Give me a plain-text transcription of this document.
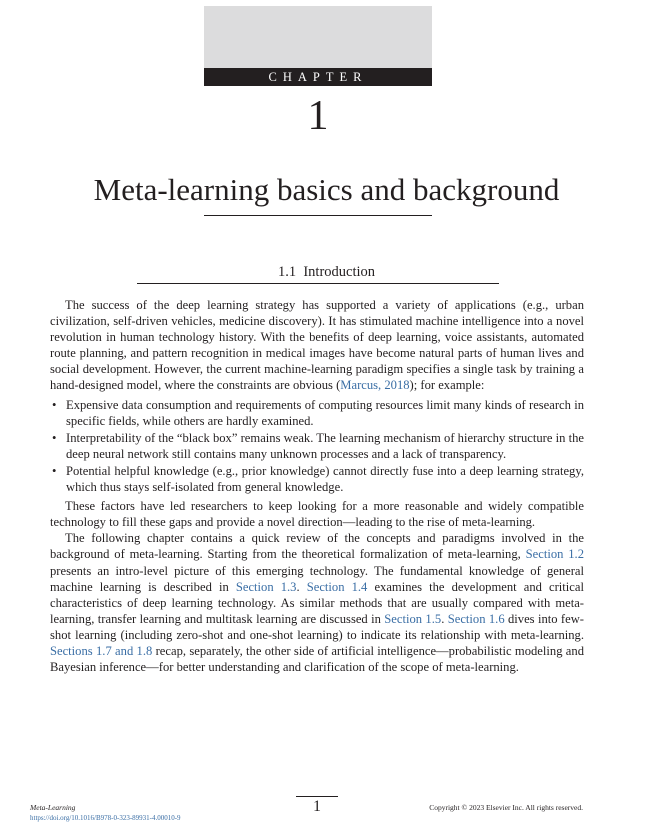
CHAPTER
1
Meta-learning basics and background
1.1 Introduction

The success of the deep learning strategy has supported a variety of applications (e.g., urban civilization, self-driven vehicles, medicine discovery). It has stimulated machine intelligence into a novel revolution in human technology history. With the benefits of deep learning, voice assistants, automated route planning, and pattern recognition in medical images have become natural parts of human lives and social development. However, the current machine-learning paradigm specifies a single task by training a hand-designed model, where the constraints are obvious (Marcus, 2018); for example:

• Expensive data consumption and requirements of computing resources limit many kinds of research in specific fields, while others are hardly examined.
• Interpretability of the “black box” remains weak. The learning mechanism of hierarchy structure in the deep neural network still contains many unknown processes and a lack of transparency.
• Potential helpful knowledge (e.g., prior knowledge) cannot directly fuse into a deep learning strategy, which thus stays self-isolated from general knowledge.

These factors have led researchers to keep looking for a more reasonable and widely compatible technology to fill these gaps and provide a novel direction—leading to the rise of meta-learning.

The following chapter contains a quick review of the concepts and paradigms involved in the background of meta-learning. Starting from the theoretical formalization of meta-learning, Section 1.2 presents an intro-level picture of this emerging technology. The fundamental knowledge of general machine learning is described in Section 1.3. Section 1.4 examines the development and critical characteristics of deep learning technology. As similar methods that are usually compared with meta-learning, transfer learning and multitask learning are discussed in Section 1.5. Section 1.6 dives into few-shot learning (including zero-shot and one-shot learning) to indicate its relationship with meta-learning. Sections 1.7 and 1.8 recap, separately, the other side of artificial intelligence—probabilistic modeling and Bayesian inference—for better understanding and clarification of the scope of meta-learning.

1
Meta-Learning
https://doi.org/10.1016/B978-0-323-89931-4.00010-9
Copyright © 2023 Elsevier Inc. All rights reserved.
